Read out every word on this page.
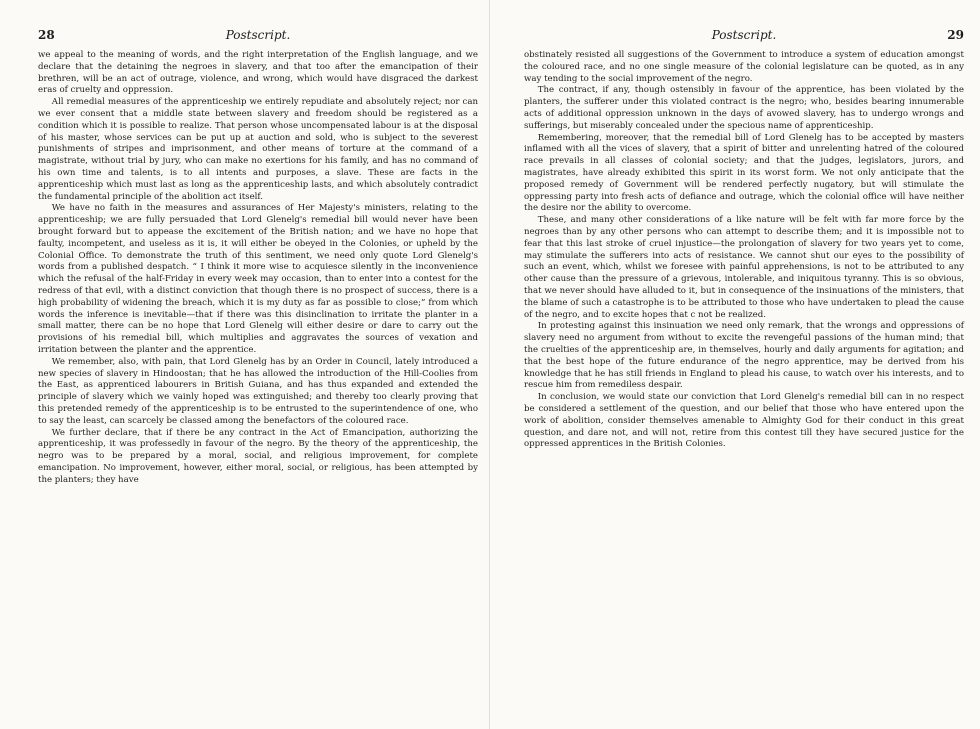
28	Postscript.

we appeal to the meaning of words, and the right interpretation of the English language, and we declare that the detaining the negroes in slavery, and that too after the emancipation of their brethren, will be an act of outrage, violence, and wrong, which would have disgraced the darkest eras of cruelty and oppression.

All remedial measures of the apprenticeship we entirely repudiate and absolutely reject; nor can we ever consent that a middle state between slavery and freedom should be registered as a condition which it is possible to realize. That person whose uncompensated labour is at the disposal of his master, whose services can be put up at auction and sold, who is subject to the severest punishments of stripes and imprisonment, and other means of torture at the command of a magistrate, without trial by jury, who can make no exertions for his family, and has no command of his own time and talents, is to all intents and purposes, a slave. These are facts in the apprenticeship which must last as long as the apprenticeship lasts, and which absolutely contradict the fundamental principle of the abolition act itself.

We have no faith in the measures and assurances of Her Majesty's ministers, relating to the apprenticeship; we are fully persuaded that Lord Glenelg's remedial bill would never have been brought forward but to appease the excitement of the British nation; and we have no hope that faulty, incompetent, and useless as it is, it will either be obeyed in the Colonies, or upheld by the Colonial Office. To demonstrate the truth of this sentiment, we need only quote Lord Glenelg's words from a published despatch. “ I think it more wise to acquiesce silently in the inconvenience which the refusal of the half-Friday in every week may occasion, than to enter into a contest for the redress of that evil, with a distinct conviction that though there is no prospect of success, there is a high probability of widening the breach, which it is my duty as far as possible to close;” from which words the inference is inevitable—that if there was this disinclination to irritate the planter in a small matter, there can be no hope that Lord Glenelg will either desire or dare to carry out the provisions of his remedial bill, which multiplies and aggravates the sources of vexation and irritation between the planter and the apprentice.

We remember, also, with pain, that Lord Glenelg has by an Order in Council, lately introduced a new species of slavery in Hindoostan; that he has allowed the introduction of the Hill-Coolies from the East, as apprenticed labourers in British Guiana, and has thus expanded and extended the principle of slavery which we vainly hoped was extinguished; and thereby too clearly proving that this pretended remedy of the apprenticeship is to be entrusted to the superintendence of one, who to say the least, can scarcely be classed among the benefactors of the coloured race.

We further declare, that if there be any contract in the Act of Emancipation, authorizing the apprenticeship, it was professedly in favour of the negro. By the theory of the apprenticeship, the negro was to be prepared by a moral, social, and religious improvement, for complete emancipation. No improvement, however, either moral, social, or religious, has been attempted by the planters; they have

Postscript.	29

obstinately resisted all suggestions of the Government to introduce a system of education amongst the coloured race, and no one single measure of the colonial legislature can be quoted, as in any way tending to the social improvement of the negro.

The contract, if any, though ostensibly in favour of the apprentice, has been violated by the planters, the sufferer under this violated contract is the negro; who, besides bearing innumerable acts of additional oppression unknown in the days of avowed slavery, has to undergo wrongs and sufferings, but miserably concealed under the specious name of apprenticeship.

Remembering, moreover, that the remedial bill of Lord Glenelg has to be accepted by masters inflamed with all the vices of slavery, that a spirit of bitter and unrelenting hatred of the coloured race prevails in all classes of colonial society; and that the judges, legislators, jurors, and magistrates, have already exhibited this spirit in its worst form. We not only anticipate that the proposed remedy of Government will be rendered perfectly nugatory, but will stimulate the oppressing party into fresh acts of defiance and outrage, which the colonial office will have neither the desire nor the ability to overcome.

These, and many other considerations of a like nature will be felt with far more force by the negroes than by any other persons who can attempt to describe them; and it is impossible not to fear that this last stroke of cruel injustice—the prolongation of slavery for two years yet to come, may stimulate the sufferers into acts of resistance. We cannot shut our eyes to the possibility of such an event, which, whilst we foresee with painful apprehensions, is not to be attributed to any other cause than the pressure of a grievous, intolerable, and iniquitous tyranny. This is so obvious, that we never should have alluded to it, but in consequence of the insinuations of the ministers, that the blame of such a catastrophe is to be attributed to those who have undertaken to plead the cause of the negro, and to excite hopes that c not be realized.

In protesting against this insinuation we need only remark, that the wrongs and oppressions of slavery need no argument from without to excite the revengeful passions of the human mind; that the cruelties of the apprenticeship are, in themselves, hourly and daily arguments for agitation; and that the best hope of the future endurance of the negro apprentice, may be derived from his knowledge that he has still friends in England to plead his cause, to watch over his interests, and to rescue him from remediless despair.

In conclusion, we would state our conviction that Lord Glenelg's remedial bill can in no respect be considered a settlement of the question, and our belief that those who have entered upon the work of abolition, consider themselves amenable to Almighty God for their conduct in this great question, and dare not, and will not, retire from this contest till they have secured justice for the oppressed apprentices in the British Colonies.
